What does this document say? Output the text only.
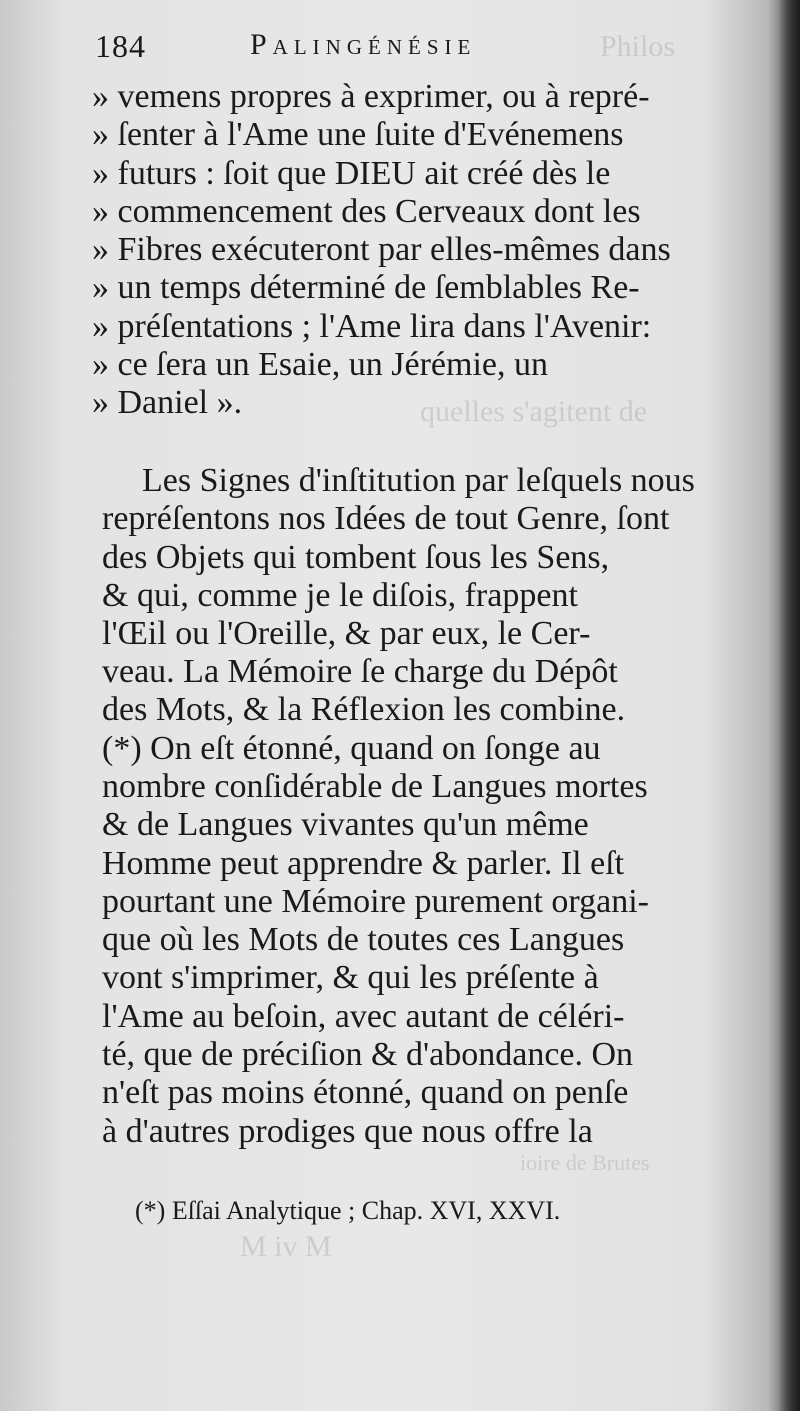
Philos
quelles s'agitent de
ioire de Brutes
M iv M
184	Palingénésie
» vemens propres à exprimer, ou à repré-
» ſenter à l'Ame une ſuite d'Evénemens
» futurs : ſoit que DIEU ait créé dès le
» commencement des Cerveaux dont les
» Fibres exécuteront par elles-mêmes dans
» un temps déterminé de ſemblables Re-
» préſentations ; l'Ame lira dans l'Avenir:
» ce ſera un Esaie, un Jérémie, un
» Daniel ».
Les Signes d'inſtitution par leſquels nous
repréſentons nos Idées de tout Genre, ſont
des Objets qui tombent ſous les Sens,
& qui, comme je le diſois, frappent
l'Œil ou l'Oreille, & par eux, le Cer-
veau. La Mémoire ſe charge du Dépôt
des Mots, & la Réflexion les combine.
(*) On eſt étonné, quand on ſonge au
nombre conſidérable de Langues mortes
& de Langues vivantes qu'un même
Homme peut apprendre & parler. Il eſt
pourtant une Mémoire purement organi-
que où les Mots de toutes ces Langues
vont s'imprimer, & qui les préſente à
l'Ame au beſoin, avec autant de céléri-
té, que de préciſion & d'abondance. On
n'eſt pas moins étonné, quand on penſe
à d'autres prodiges que nous offre la
(*) Eſſai Analytique ; Chap. XVI, XXVI.
